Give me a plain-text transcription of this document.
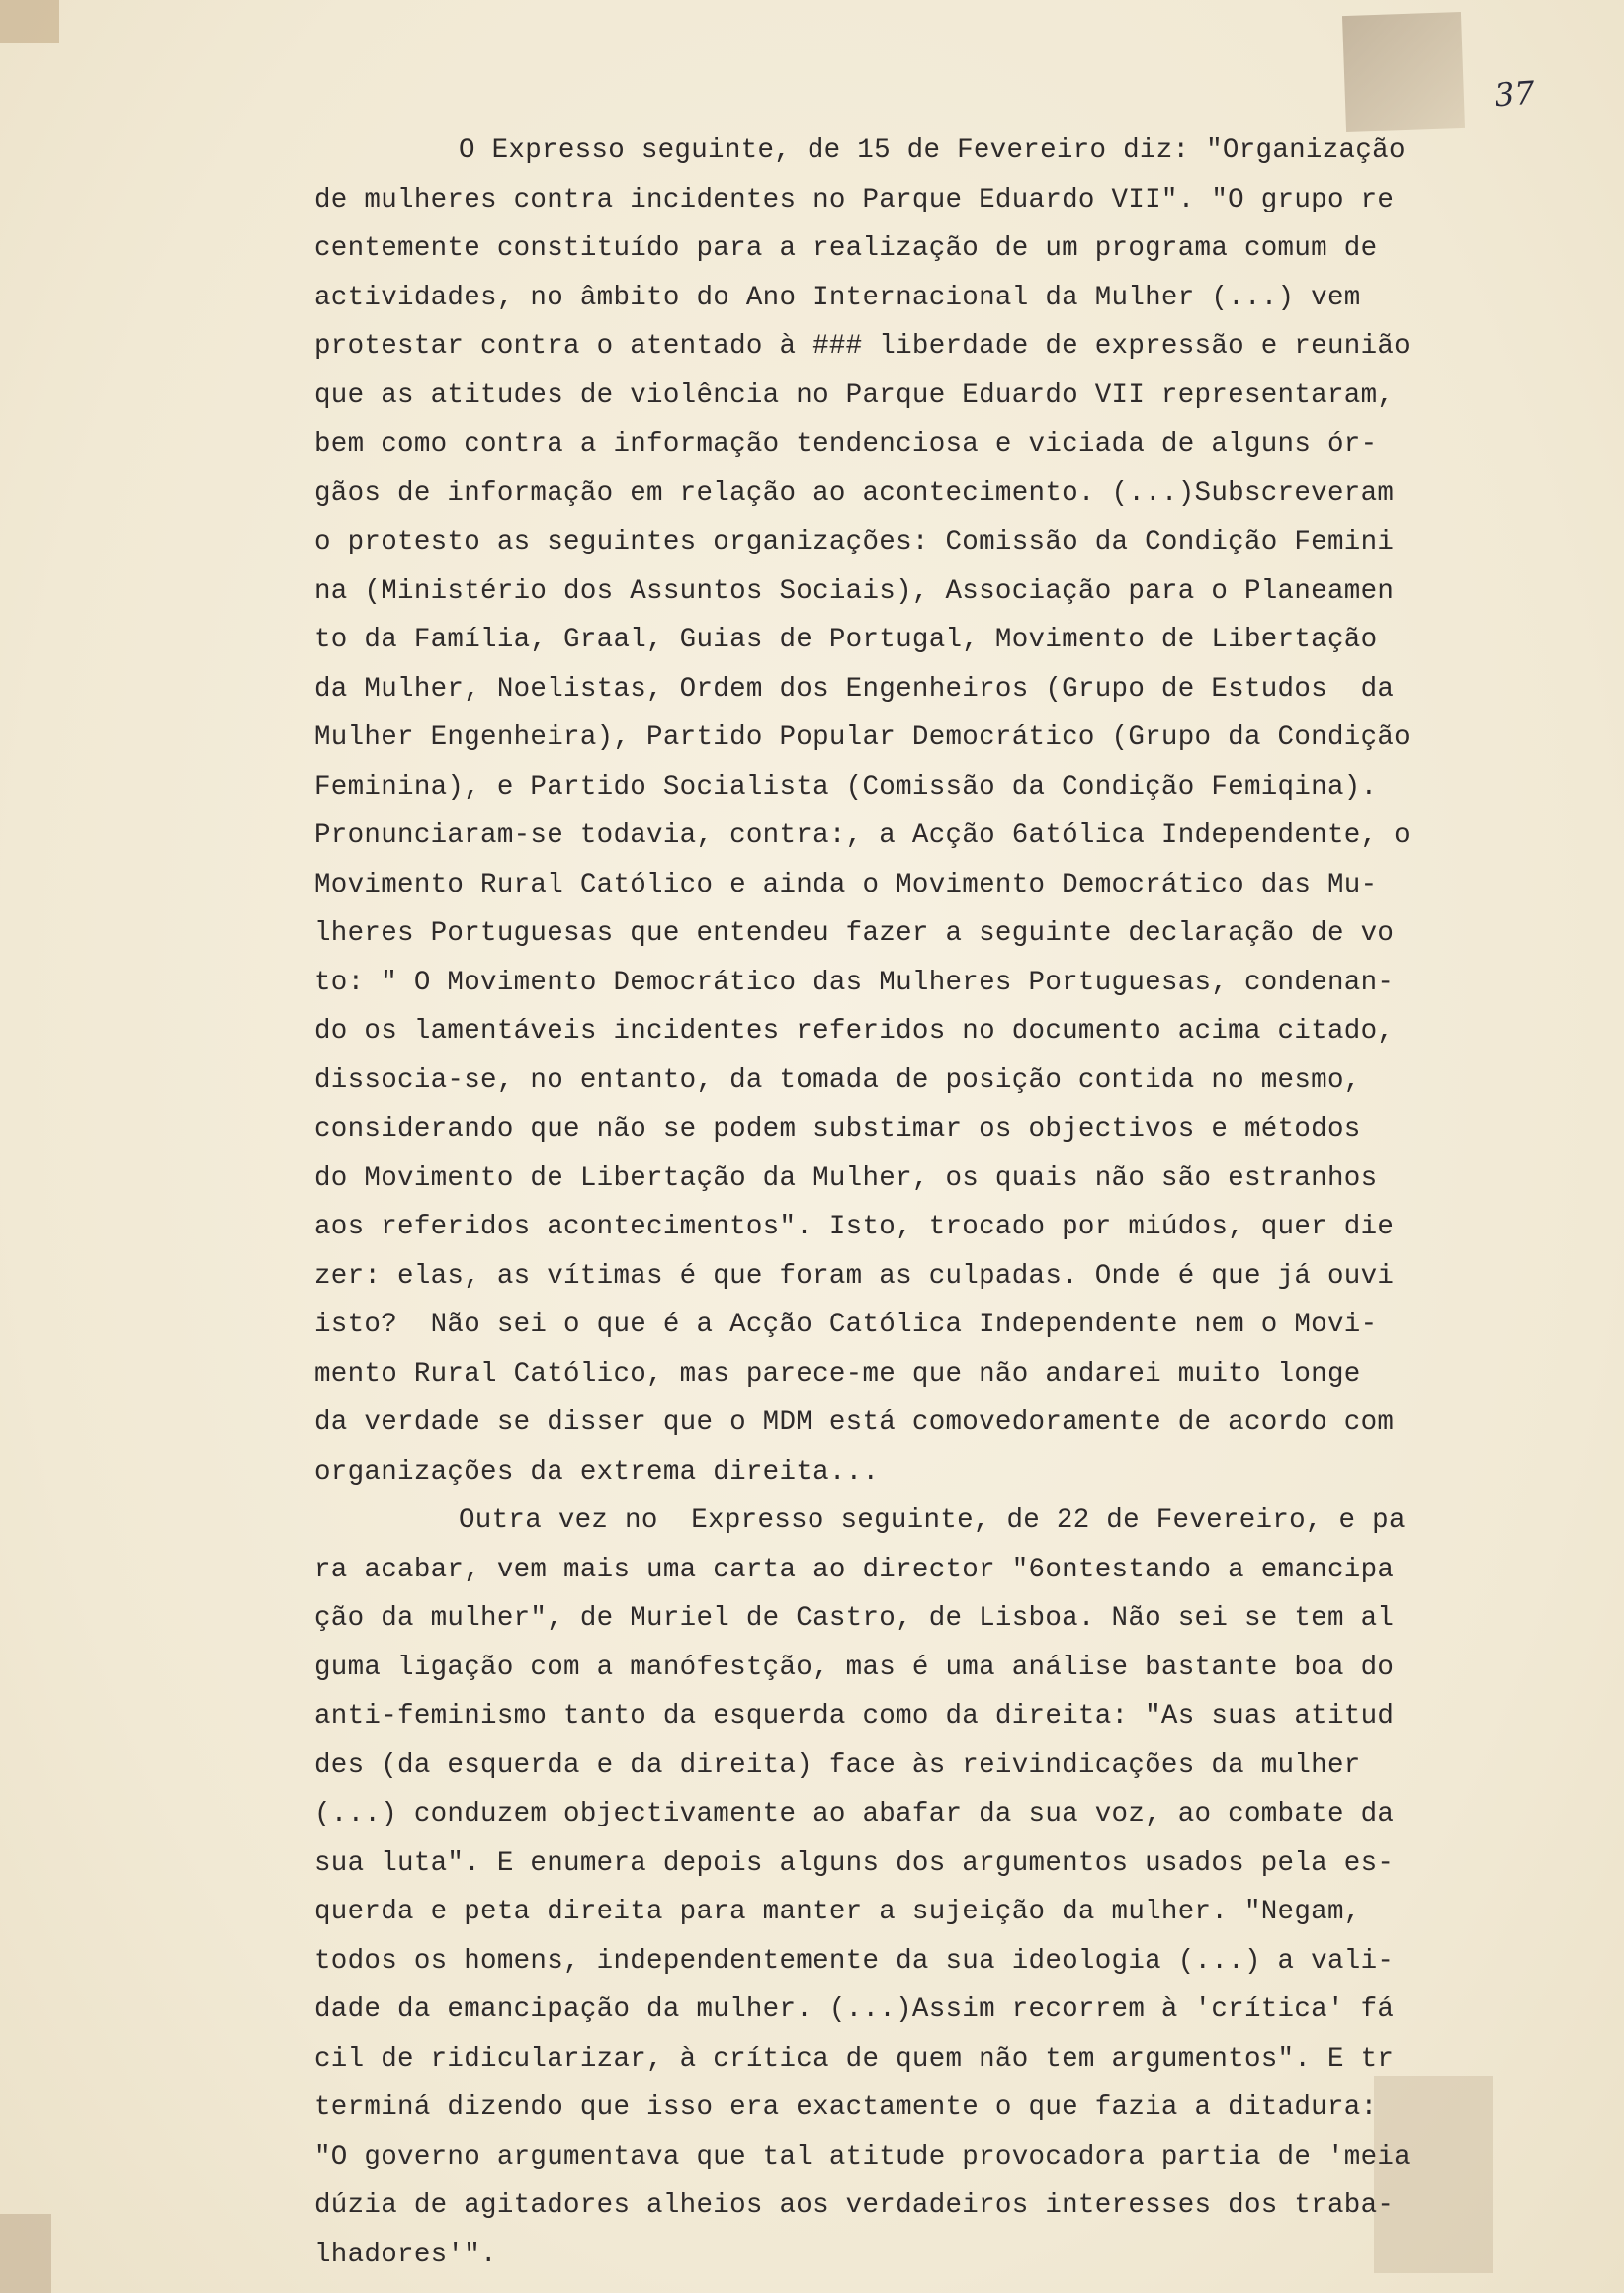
37
O Expresso seguinte, de 15 de Fevereiro diz: "Organização
de mulheres contra incidentes no Parque Eduardo VII". "O grupo re
centemente constituído para a realização de um programa comum de
actividades, no âmbito do Ano Internacional da Mulher (...) vem
protestar contra o atentado à ### liberdade de expressão e reunião
que as atitudes de violência no Parque Eduardo VII representaram,
bem como contra a informação tendenciosa e viciada de alguns ór-
gãos de informação em relação ao acontecimento. (...)Subscreveram
o protesto as seguintes organizações: Comissão da Condição Femini
na (Ministério dos Assuntos Sociais), Associação para o Planeamen
to da Família, Graal, Guias de Portugal, Movimento de Libertação
da Mulher, Noelistas, Ordem dos Engenheiros (Grupo de Estudos  da
Mulher Engenheira), Partido Popular Democrático (Grupo da Condição
Feminina), e Partido Socialista (Comissão da Condição Femiqina).
Pronunciaram-se todavia, contra:, a Acção 6atólica Independente, o
Movimento Rural Católico e ainda o Movimento Democrático das Mu-
lheres Portuguesas que entendeu fazer a seguinte declaração de vo
to: " O Movimento Democrático das Mulheres Portuguesas, condenan-
do os lamentáveis incidentes referidos no documento acima citado,
dissocia-se, no entanto, da tomada de posição contida no mesmo,
considerando que não se podem substimar os objectivos e métodos
do Movimento de Libertação da Mulher, os quais não são estranhos
aos referidos acontecimentos". Isto, trocado por miúdos, quer die
zer: elas, as vítimas é que foram as culpadas. Onde é que já ouvi
isto?  Não sei o que é a Acção Católica Independente nem o Movi-
mento Rural Católico, mas parece-me que não andarei muito longe
da verdade se disser que o MDM está comovedoramente de acordo com
organizações da extrema direita...
Outra vez no  Expresso seguinte, de 22 de Fevereiro, e pa
ra acabar, vem mais uma carta ao director "6ontestando a emancipa
ção da mulher", de Muriel de Castro, de Lisboa. Não sei se tem al
guma ligação com a manófestção, mas é uma análise bastante boa do
anti-feminismo tanto da esquerda como da direita: "As suas atitud
des (da esquerda e da direita) face às reivindicações da mulher
(...) conduzem objectivamente ao abafar da sua voz, ao combate da
sua luta". E enumera depois alguns dos argumentos usados pela es-
querda e peta direita para manter a sujeição da mulher. "Negam,
todos os homens, independentemente da sua ideologia (...) a vali-
dade da emancipação da mulher. (...)Assim recorrem à 'crítica' fá
cil de ridicularizar, à crítica de quem não tem argumentos". E tr
terminá dizendo que isso era exactamente o que fazia a ditadura:
"O governo argumentava que tal atitude provocadora partia de 'meia
dúzia de agitadores alheios aos verdadeiros interesses dos traba-
lhadores'".
